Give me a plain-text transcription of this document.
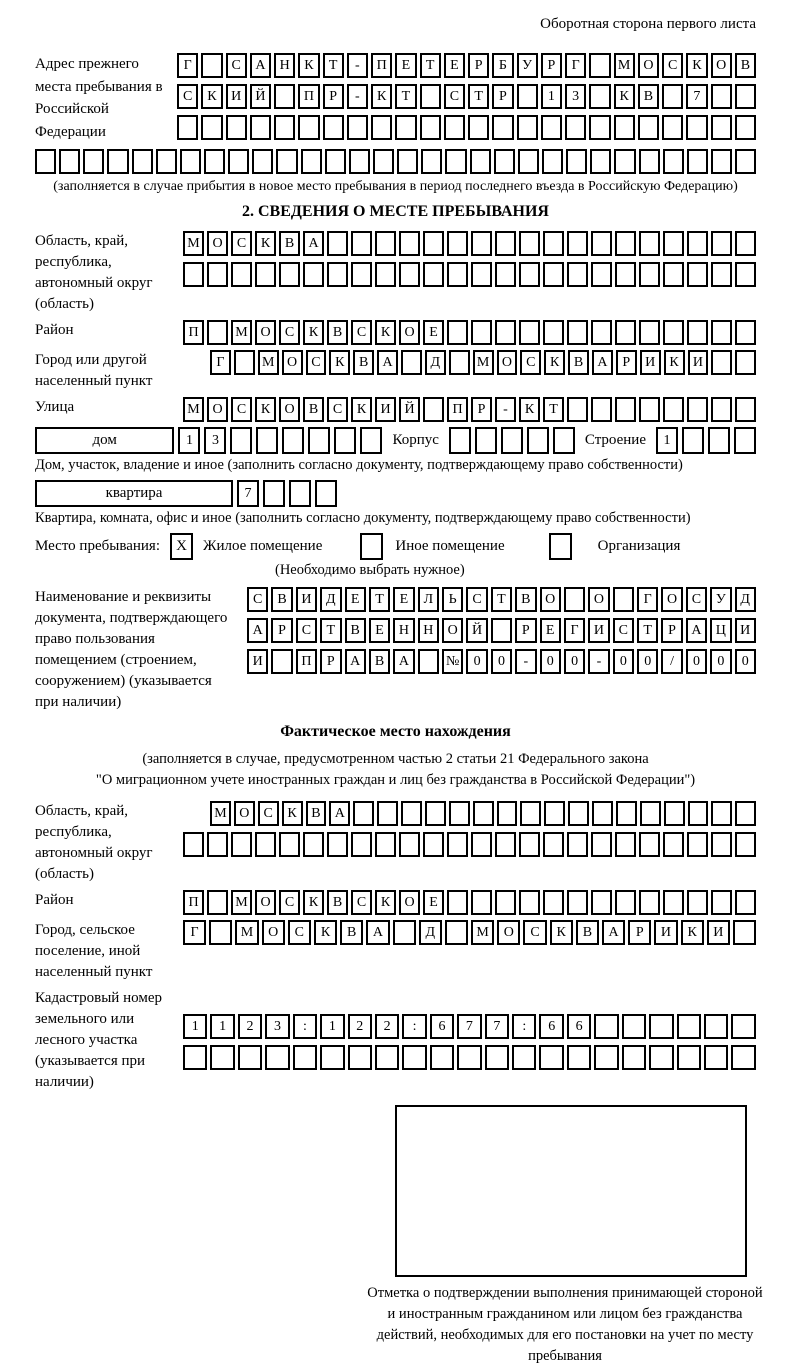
Оборотная сторона первого листа
Адрес прежнего места пребывания в Российской Федерации
Г	С	А	Н	К	Т	-	П	Е	Т	Е	Р	Б	У	Р	Г	М О	С	К	О	В
С	К	И	Й	П	Р	-	К	Т	С	Т	Р	1	3	К	В	7
(заполняется в случае прибытия в новое место пребывания в период последнего въезда в Российскую Федерацию)
2. СВЕДЕНИЯ О МЕСТЕ ПРЕБЫВАНИЯ
Область, край, республика, автономный округ (область)
М О	С	К	В	А
Район	П	М О	С	К	В	С	К	О	Е
Город или другой населенный пункт
Г	М О	С	К	В	А	Д	М О	С	К	В	А	Р	И	К	И
Улица	М О	С	К	О	В	С	К	И Й	П	Р	-	К	Т
дом	1	3	Корпус	Строение	1
Дом, участок, владение и иное (заполнить согласно документу, подтверждающему право собственности)
квартира	7
Квартира, комната, офис и иное (заполнить согласно документу, подтверждающему право собственности)
Место пребывания:	X	Жилое помещение	Иное помещение	Организация
(Необходимо выбрать нужное)
Наименование и реквизиты документа, подтверждающего право пользования помещением (строением, сооружением) (указывается при наличии)
С	В	И	Д	Е	Т	Е	Л	Ь	С	Т	В	О	О	Г	О	С	У	Д
А	Р	С	Т	В	Е	Н	Н	О	Й	Р	Е	Г	И	С	Т	Р	А	Ц	И
И	П	Р	А	В	А	№	0	0	-	0	0	-	0	0	/	0	0	0
Фактическое место нахождения
(заполняется в случае, предусмотренном частью 2 статьи 21 Федерального закона
"О миграционном учете иностранных граждан и лиц без гражданства в Российской Федерации")
Область, край, республика, автономный округ (область)
М О	С	К	В	А
Район	П	М О	С	К	В	С	К	О	Е
Город, сельское поселение, иной населенный пункт
Г	М	О	С	К	В	А	Д	М	О	С	К	В	А	Р	И	К	И
Кадастровый номер земельного или лесного участка (указывается при наличии)
1	1	2	3	:	1	2	2	:	6	7	7	:	6	6
Отметка о подтверждении выполнения принимающей стороной и иностранным гражданином или лицом без гражданства действий, необходимых для его постановки на учет по месту пребывания
